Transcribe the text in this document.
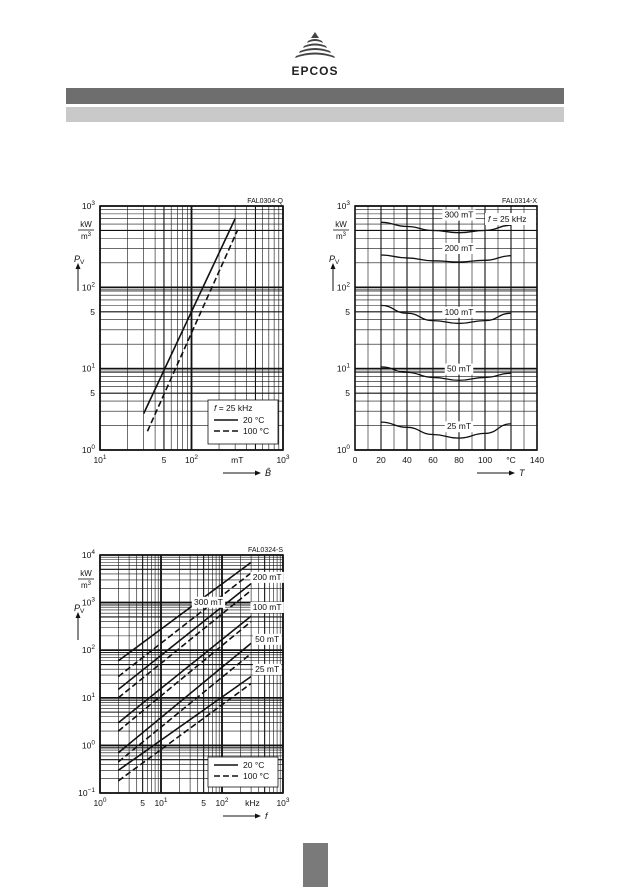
EPCOS
FAL0304-Q
$10^0$
5
$10^1$
5
$10^2$
$10^3$
$10^1$	5 $10^2$	$10^3$
mT
B̂
kW
$m^3$
$P_V$
f = 25 kHz
20 °C
100 °C
FAL0314-X
$10^0$
5
$10^1$
5
$10^2$
$10^3$
0 20 40 60 80 100	140
°C
T
kW
$m^3$
$P_V$
300 mT
200 mT
100 mT
50 mT
25 mT
f = 25 kHz
FAL0324-S
$10^{-1}$
$10^0$
$10^1$
$10^2$
$10^3$
$10^4$
$10^0$	5 $10^1$	5 $10^2$	$10^3$
kHz
f
kW
$m^3$
$P_V$
300 mT
200 mT
100 mT
50 mT
25 mT
20 °C
100 °C
